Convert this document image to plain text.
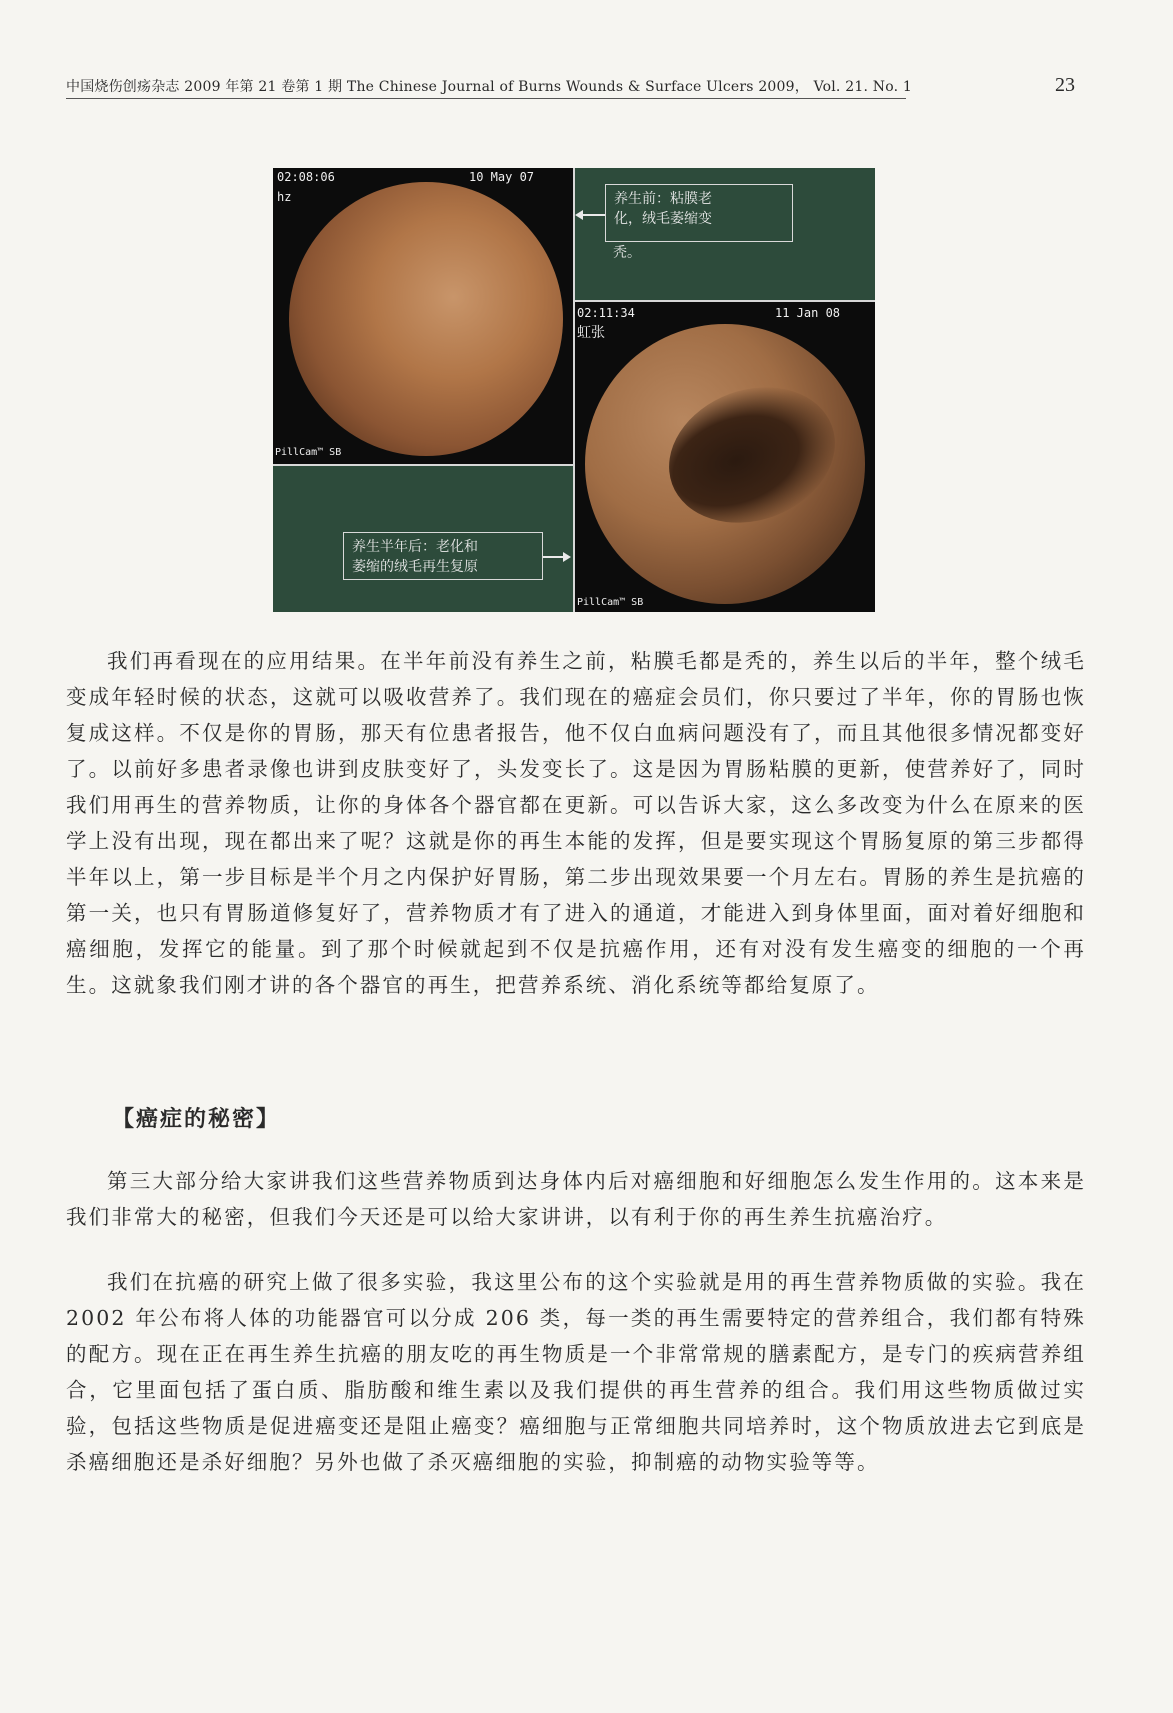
中国烧伤创疡杂志 2009 年第 21 卷第 1 期 The Chinese Journal of Burns Wounds & Surface Ulcers 2009， Vol. 21. No. 1	23
02:08:06	10 May 07
hz
PillCam™ SB
02:11:34	11 Jan 08
虹张
PillCam™ SB
养生前：粘膜老
化，绒毛萎缩变
秃。
养生半年后：老化和
萎缩的绒毛再生复原

我们再看现在的应用结果。在半年前没有养生之前，粘膜毛都是秃的，养生以后的半年，整个绒毛变成年轻时候的状态，这就可以吸收营养了。我们现在的癌症会员们，你只要过了半年，你的胃肠也恢复成这样。不仅是你的胃肠，那天有位患者报告，他不仅白血病问题没有了，而且其他很多情况都变好了。以前好多患者录像也讲到皮肤变好了，头发变长了。这是因为胃肠粘膜的更新，使营养好了，同时我们用再生的营养物质，让你的身体各个器官都在更新。可以告诉大家，这么多改变为什么在原来的医学上没有出现，现在都出来了呢？这就是你的再生本能的发挥，但是要实现这个胃肠复原的第三步都得半年以上，第一步目标是半个月之内保护好胃肠，第二步出现效果要一个月左右。胃肠的养生是抗癌的第一关，也只有胃肠道修复好了，营养物质才有了进入的通道，才能进入到身体里面，面对着好细胞和癌细胞，发挥它的能量。到了那个时候就起到不仅是抗癌作用，还有对没有发生癌变的细胞的一个再生。这就象我们刚才讲的各个器官的再生，把营养系统、消化系统等都给复原了。

【癌症的秘密】

第三大部分给大家讲我们这些营养物质到达身体内后对癌细胞和好细胞怎么发生作用的。这本来是我们非常大的秘密，但我们今天还是可以给大家讲讲，以有利于你的再生养生抗癌治疗。

我们在抗癌的研究上做了很多实验，我这里公布的这个实验就是用的再生营养物质做的实验。我在 2002 年公布将人体的功能器官可以分成 206 类，每一类的再生需要特定的营养组合，我们都有特殊的配方。现在正在再生养生抗癌的朋友吃的再生物质是一个非常常规的膳素配方，是专门的疾病营养组合，它里面包括了蛋白质、脂肪酸和维生素以及我们提供的再生营养的组合。我们用这些物质做过实验，包括这些物质是促进癌变还是阻止癌变？癌细胞与正常细胞共同培养时，这个物质放进去它到底是杀癌细胞还是杀好细胞？另外也做了杀灭癌细胞的实验，抑制癌的动物实验等等。
